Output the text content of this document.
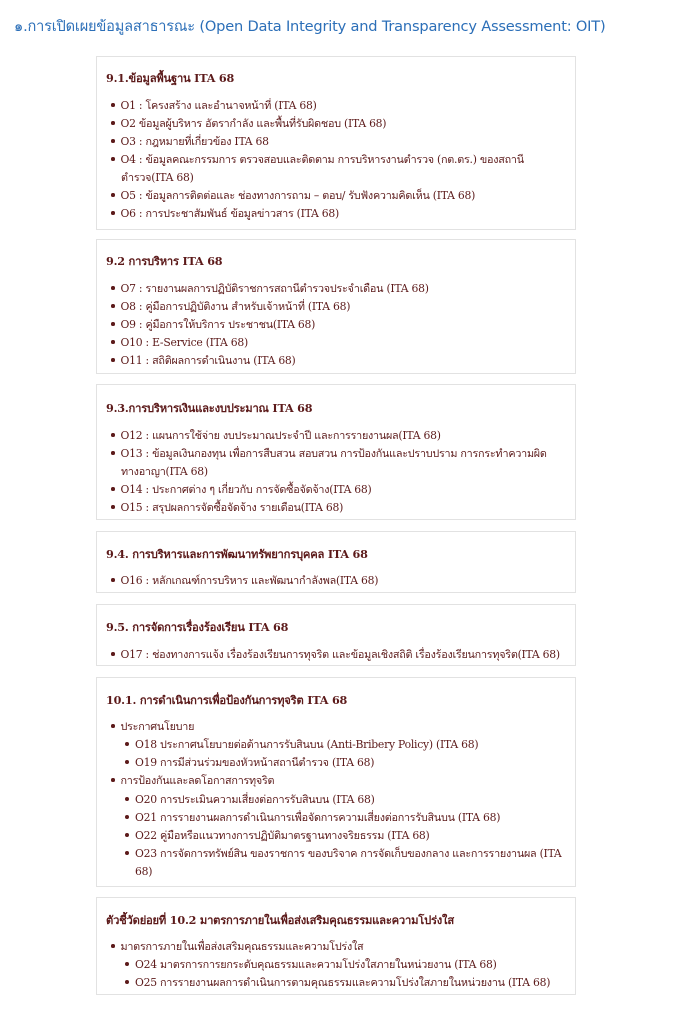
๑.การเปิดเผยข้อมูลสาธารณะ (Open Data Integrity and Transparency Assessment: OIT)
9.1.ข้อมูลพื้นฐาน ITA 68
O1 : โครงสร้าง และอำนาจหน้าที่ (ITA 68)
O2 ข้อมูลผู้บริหาร อัตรากำลัง และพื้นที่รับผิดชอบ (ITA 68)
O3 : กฎหมายที่เกี่ยวข้อง ITA 68
O4 : ข้อมูลคณะกรรมการ ตรวจสอบและติดตาม การบริหารงานตำรวจ (กต.ตร.) ของสถานี
ตำรวจ(ITA 68)
O5 : ข้อมูลการติดต่อและ ช่องทางการถาม – ตอบ/ รับฟังความคิดเห็น (ITA 68)
O6 : การประชาสัมพันธ์ ข้อมูลข่าวสาร (ITA 68)
9.2 การบริหาร ITA 68
O7 : รายงานผลการปฏิบัติราชการสถานีตำรวจประจำเดือน (ITA 68)
O8 : คู่มือการปฏิบัติงาน สำหรับเจ้าหน้าที่ (ITA 68)
O9 : คู่มือการให้บริการ ประชาชน(ITA 68)
O10 : E-Service (ITA 68)
O11 : สถิติผลการดำเนินงาน (ITA 68)
9.3.การบริหารเงินและงบประมาณ ITA 68
O12 : แผนการใช้จ่าย งบประมาณประจำปี และการรายงานผล(ITA 68)
O13 : ข้อมูลเงินกองทุน เพื่อการสืบสวน สอบสวน การป้องกันและปราบปราม การกระทำความผิด
ทางอาญา(ITA 68)
O14 : ประกาศต่าง ๆ เกี่ยวกับ การจัดซื้อจัดจ้าง(ITA 68)
O15 : สรุปผลการจัดซื้อจัดจ้าง รายเดือน(ITA 68)
9.4. การบริหารและการพัฒนาทรัพยากรบุคคล ITA 68
O16 : หลักเกณฑ์การบริหาร และพัฒนากำลังพล(ITA 68)
9.5. การจัดการเรื่องร้องเรียน ITA 68
O17 : ช่องทางการแจ้ง เรื่องร้องเรียนการทุจริต และข้อมูลเชิงสถิติ เรื่องร้องเรียนการทุจริต(ITA 68)
10.1. การดำเนินการเพื่อป้องกันการทุจริต ITA 68
ประกาศนโยบาย
O18 ประกาศนโยบายต่อต้านการรับสินบน (Anti-Bribery Policy) (ITA 68)
O19 การมีส่วนร่วมของหัวหน้าสถานีตำรวจ (ITA 68)
การป้องกันและลดโอกาสการทุจริต
O20 การประเมินความเสี่ยงต่อการรับสินบน (ITA 68)
O21 การรายงานผลการดำเนินการเพื่อจัดการความเสี่ยงต่อการรับสินบน (ITA 68)
O22 คู่มือหรือแนวทางการปฏิบัติมาตรฐานทางจริยธรรม (ITA 68)
O23 การจัดการทรัพย์สิน ของราชการ ของบริจาค การจัดเก็บของกลาง และการรายงานผล (ITA
68)
ตัวชี้วัดย่อยที่ 10.2 มาตรการภายในเพื่อส่งเสริมคุณธรรมและความโปร่งใส
มาตรการภายในเพื่อส่งเสริมคุณธรรมและความโปร่งใส
O24 มาตรการการยกระดับคุณธรรมและความโปร่งใสภายในหน่วยงาน (ITA 68)
O25 การรายงานผลการดำเนินการตามคุณธรรมและความโปร่งใสภายในหน่วยงาน (ITA 68)
